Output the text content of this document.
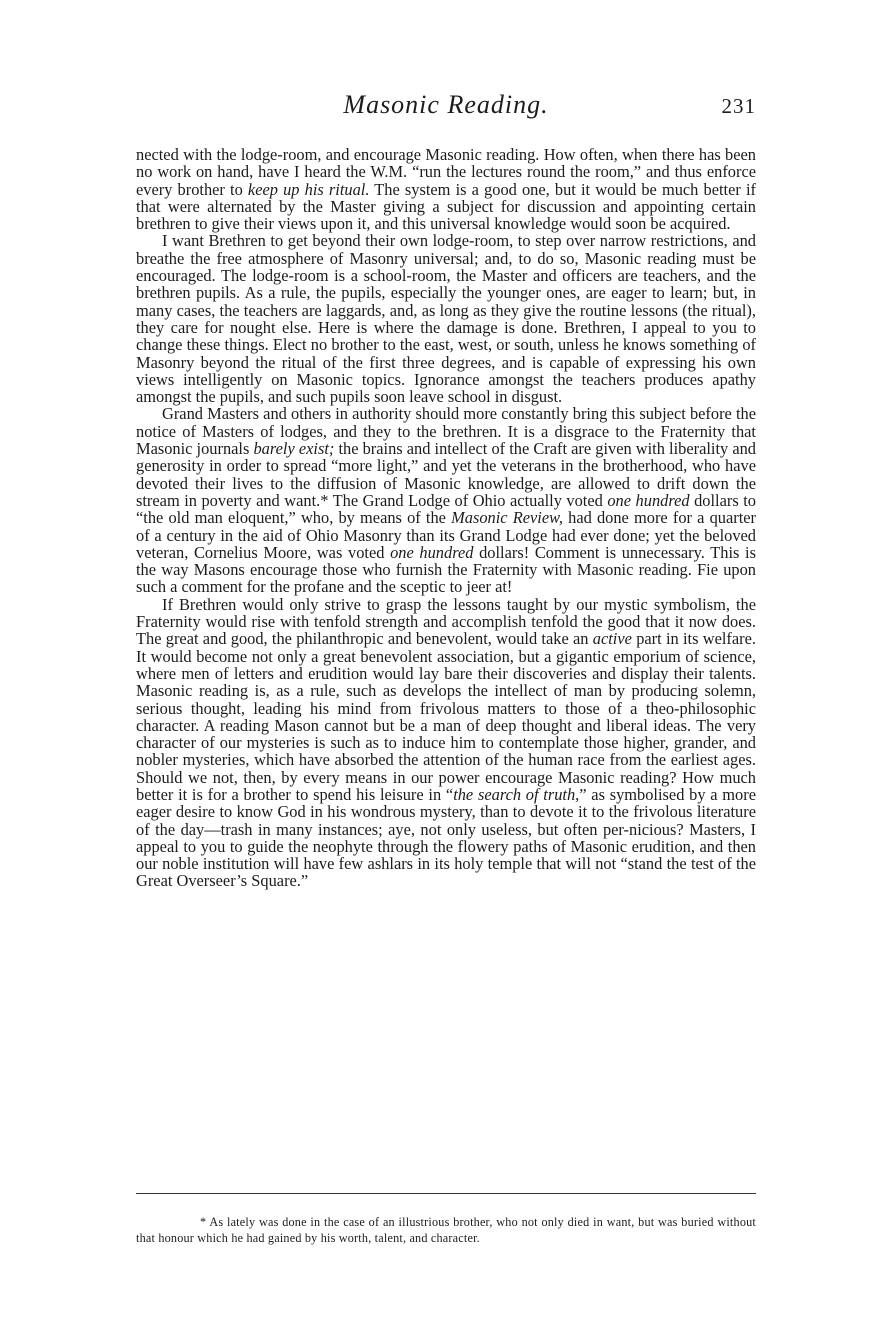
Masonic Reading.	231

nected with the lodge-room, and encourage Masonic reading. How often, when there has been no work on hand, have I heard the W.M. “run the lectures round the room,” and thus enforce every brother to keep up his ritual. The system is a good one, but it would be much better if that were alternated by the Master giving a subject for discussion and appointing certain brethren to give their views upon it, and this universal knowledge would soon be acquired.

I want Brethren to get beyond their own lodge-room, to step over narrow restrictions, and breathe the free atmosphere of Masonry universal; and, to do so, Masonic reading must be encouraged. The lodge-room is a school-room, the Master and officers are teachers, and the brethren pupils. As a rule, the pupils, especially the younger ones, are eager to learn; but, in many cases, the teachers are laggards, and, as long as they give the routine lessons (the ritual), they care for nought else. Here is where the damage is done. Brethren, I appeal to you to change these things. Elect no brother to the east, west, or south, unless he knows something of Masonry beyond the ritual of the first three degrees, and is capable of expressing his own views intelligently on Masonic topics. Ignorance amongst the teachers produces apathy amongst the pupils, and such pupils soon leave school in disgust.

Grand Masters and others in authority should more constantly bring this subject before the notice of Masters of lodges, and they to the brethren. It is a disgrace to the Fraternity that Masonic journals barely exist; the brains and intellect of the Craft are given with liberality and generosity in order to spread “more light,” and yet the veterans in the brotherhood, who have devoted their lives to the diffusion of Masonic knowledge, are allowed to drift down the stream in poverty and want.* The Grand Lodge of Ohio actually voted one hundred dollars to “the old man eloquent,” who, by means of the Masonic Review, had done more for a quarter of a century in the aid of Ohio Masonry than its Grand Lodge had ever done; yet the beloved veteran, Cornelius Moore, was voted one hundred dollars! Comment is unnecessary. This is the way Masons encourage those who furnish the Fraternity with Masonic reading. Fie upon such a comment for the profane and the sceptic to jeer at!

If Brethren would only strive to grasp the lessons taught by our mystic symbolism, the Fraternity would rise with tenfold strength and accomplish tenfold the good that it now does. The great and good, the philanthropic and benevolent, would take an active part in its welfare. It would become not only a great benevolent association, but a gigantic emporium of science, where men of letters and erudition would lay bare their discoveries and display their talents. Masonic reading is, as a rule, such as develops the intellect of man by producing solemn, serious thought, leading his mind from frivolous matters to those of a theo-philosophic character. A reading Mason cannot but be a man of deep thought and liberal ideas. The very character of our mysteries is such as to induce him to contemplate those higher, grander, and nobler mysteries, which have absorbed the attention of the human race from the earliest ages. Should we not, then, by every means in our power encourage Masonic reading? How much better it is for a brother to spend his leisure in “the search of truth,” as symbolised by a more eager desire to know God in his wondrous mystery, than to devote it to the frivolous literature of the day—trash in many instances; aye, not only useless, but often per-nicious? Masters, I appeal to you to guide the neophyte through the flowery paths of Masonic erudition, and then our noble institution will have few ashlars in its holy temple that will not “stand the test of the Great Overseer’s Square.”

* As lately was done in the case of an illustrious brother, who not only died in want, but was buried without that honour which he had gained by his worth, talent, and character.
